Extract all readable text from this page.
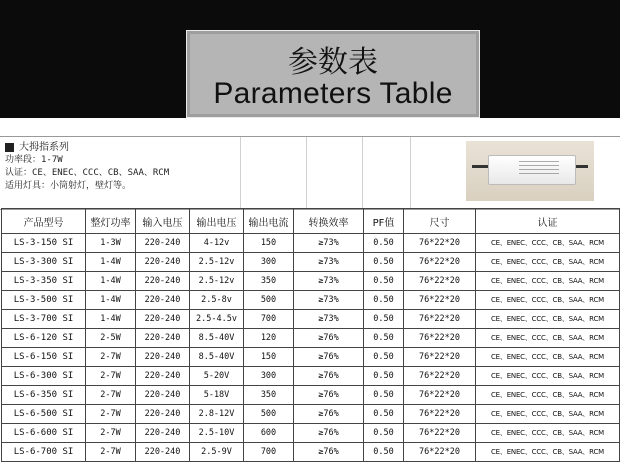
参数表
Parameters Table
大拇指系列
功率段：1-7W
认证：CE、ENEC、CCC、CB、SAA、RCM
适用灯具：小筒射灯，壁灯等。
产品型号	整灯功率	输入电压	输出电压	输出电流	转换效率	PF值	尺寸	认证
LS-3-150 SI	1-3W	220-240	4-12v	150	≥73%	0.50	76*22*20	CE、ENEC、CCC、CB、SAA、RCM
LS-3-300 SI	1-4W	220-240	2.5-12v	300	≥73%	0.50	76*22*20	CE、ENEC、CCC、CB、SAA、RCM
LS-3-350 SI	1-4W	220-240	2.5-12v	350	≥73%	0.50	76*22*20	CE、ENEC、CCC、CB、SAA、RCM
LS-3-500 SI	1-4W	220-240	2.5-8v	500	≥73%	0.50	76*22*20	CE、ENEC、CCC、CB、SAA、RCM
LS-3-700 SI	1-4W	220-240	2.5-4.5v	700	≥73%	0.50	76*22*20	CE、ENEC、CCC、CB、SAA、RCM
LS-6-120 SI	2-5W	220-240	8.5-40V	120	≥76%	0.50	76*22*20	CE、ENEC、CCC、CB、SAA、RCM
LS-6-150 SI	2-7W	220-240	8.5-40V	150	≥76%	0.50	76*22*20	CE、ENEC、CCC、CB、SAA、RCM
LS-6-300 SI	2-7W	220-240	5-20V	300	≥76%	0.50	76*22*20	CE、ENEC、CCC、CB、SAA、RCM
LS-6-350 SI	2-7W	220-240	5-18V	350	≥76%	0.50	76*22*20	CE、ENEC、CCC、CB、SAA、RCM
LS-6-500 SI	2-7W	220-240	2.8-12V	500	≥76%	0.50	76*22*20	CE、ENEC、CCC、CB、SAA、RCM
LS-6-600 SI	2-7W	220-240	2.5-10V	600	≥76%	0.50	76*22*20	CE、ENEC、CCC、CB、SAA、RCM
LS-6-700 SI	2-7W	220-240	2.5-9V	700	≥76%	0.50	76*22*20	CE、ENEC、CCC、CB、SAA、RCM
